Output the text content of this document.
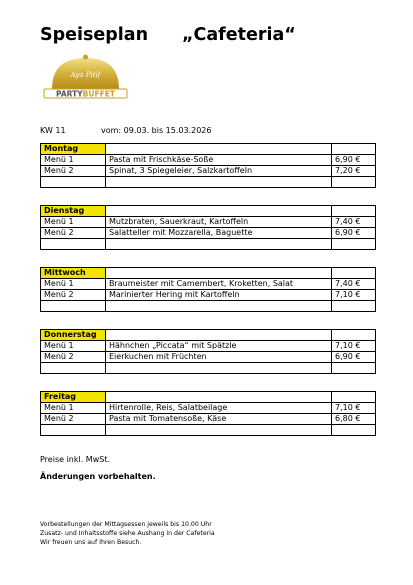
Speiseplan „Cafeteria“
Aya Pitif
PARTYBUFFET
KW 11	vom: 09.03. bis 15.03.2026
Montag		
Menü 1	Pasta mit Frischkäse-Soße	6,90 €
Menü 2	Spinat, 3 Spiegeleier, Salzkartoffeln	7,20 €

Dienstag		
Menü 1	Mutzbraten, Sauerkraut, Kartoffeln	7,40 €
Menü 2	Salatteller mit Mozzarella, Baguette	6,90 €

Mittwoch		
Menü 1	Braumeister mit Camembert, Kroketten, Salat	7,40 €
Menü 2	Marinierter Hering mit Kartoffeln	7,10 €

Donnerstag		
Menü 1	Hähnchen „Piccata“ mit Spätzle	7,10 €
Menü 2	Eierkuchen mit Früchten	6,90 €

Freitag		
Menü 1	Hirtenrolle, Reis, Salatbeilage	7,10 €
Menü 2	Pasta mit Tomatensoße, Käse	6,80 €

Preise inkl. MwSt.
Änderungen vorbehalten.
Vorbestellungen der Mittagsessen jeweils bis 10.00 Uhr
Zusatz- und Inhaltsstoffe siehe Aushang in der Cafeteria
Wir freuen uns auf Ihren Besuch.
